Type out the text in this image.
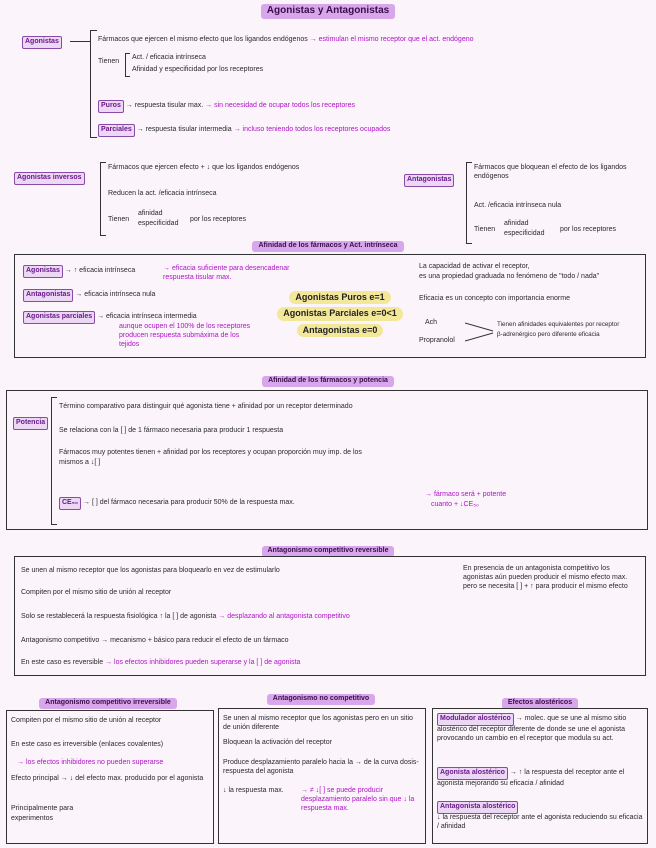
Agonistas y Antagonistas
Agonistas	Fármacos que ejercen el mismo efecto que los ligandos endógenos → estimulan el mismo receptor que el act. endógeno
Tienen
Act. / eficacia intrínseca
Afinidad y especificidad por los receptores
Puros → respuesta tisular max. → sin necesidad de ocupar todos los receptores
Parciales → respuesta tisular intermedia → incluso teniendo todos los receptores ocupados
Agonistas inversos
Fármacos que ejercen efecto + ↓ que los ligandos endógenos
Reducen la act. /eficacia intrínseca
Tienen
afinidad
especificidad
por los receptores
Antagonistas
Fármacos que bloquean el efecto de los ligandos endógenos
Act. /eficacia intrínseca nula
Tienen
afinidad
especificidad
por los receptores
Afinidad de los fármacos y Act. intrínseca
Agonistas → ↑ eficacia intrínseca	→ eficacia suficiente para desencadenar respuesta tisular max.
Antagonistas → eficacia intrínseca nula
Agonistas parciales → eficacia intrínseca intermedia
aunque ocupen el 100% de los receptores producen respuesta submáxima de los tejidos
Agonistas Puros e=1
Agonistas Parciales e=0<1
Antagonistas e=0
La capacidad de activar el receptor,
es una propiedad graduada no fenómeno de "todo / nada"
Eficacia es un concepto con importancia enorme
Ach
Propranolol
Tienen afinidades equivalentes por receptor
β-adrenérgico pero diferente eficacia
Afinidad de los fármacos y potencia
Potencia
Término comparativo para distinguir qué agonista tiene + afinidad por un receptor determinado
Se relaciona con la [ ] de 1 fármaco necesaria para producir 1 respuesta
Fármacos muy potentes tienen + afinidad por los receptores y ocupan proporción muy imp. de los
mismos a ↓[ ]
CE₅₀ → [ ] del fármaco necesaria para producir 50% de la respuesta max.
→ fármaco será + potente
cuanto + ↓CE₅₀
Antagonismo competitivo reversible
Se unen al mismo receptor que los agonistas para bloquearlo en vez de estimularlo
Compiten por el mismo sitio de unión al receptor
Solo se restablecerá la respuesta fisiológica ↑ la [ ] de agonista → desplazando al antagonista competitivo
Antagonismo competitivo → mecanismo + básico para reducir el efecto de un fármaco
En este caso es reversible → los efectos inhibidores pueden superarse y la [ ] de agonista
En presencia de un antagonista competitivo los agonistas aún pueden producir el mismo efecto max. pero se necesita [ ] + ↑ para producir el mismo efecto
Antagonismo competitivo irreversible
Compiten por el mismo sitio de unión al receptor
En este caso es irreversible (enlaces covalentes)
→ los efectos inhibidores no pueden superarse
Efecto principal → ↓ del efecto max. producido por el agonista
Principalmente para
experimentos
Antagonismo no competitivo
Se unen al mismo receptor que los agonistas pero en un sitio de unión diferente
Bloquean la activación del receptor
Produce desplazamiento paralelo hacia la → de la curva dosis-respuesta del agonista
↓ la respuesta max. → ≠ ↓[ ] se puede producir desplazamiento paralelo sin que ↓ la respuesta max.
Efectos alostéricos
Modulador alostérico → molec. que se une al mismo sitio alostérico del receptor diferente de donde se une el agonista provocando un cambio en el receptor que modula su act.
Agonista alostérico → ↑ la respuesta del receptor ante el agonista mejorando su eficacia / afinidad
Antagonista alostérico
↓ la respuesta del receptor ante el agonista reduciendo su eficacia / afinidad
